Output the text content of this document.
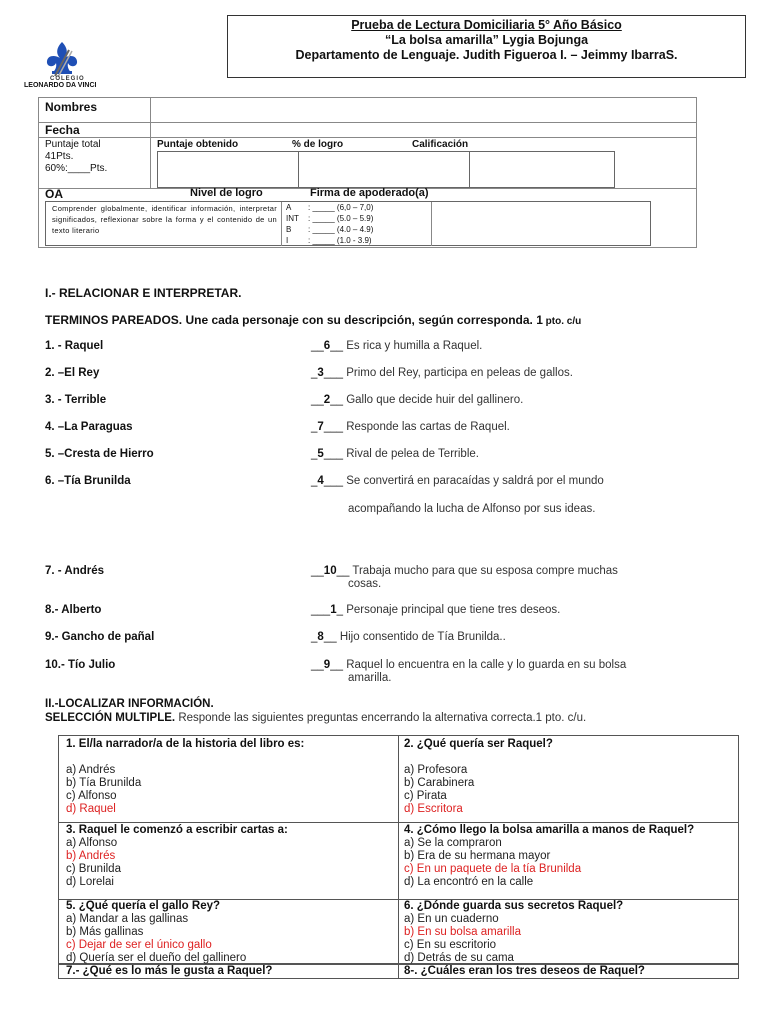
COLEGIO
LEONARDO DA VINCI
Prueba de Lectura Domiciliaria 5° Año Básico
“La bolsa amarilla” Lygia Bojunga
Departamento de Lenguaje. Judith Figueroa I. – Jeimmy IbarraS.
Nombres
Fecha
Puntaje total
41Pts.
60%:____Pts.
Puntaje obtenido	% de logro	Calificación
OA	Nivel de logro	Firma de apoderado(a)
Comprender globalmente, identificar información, interpretar significados, reflexionar sobre la forma y el contenido de un texto literario
A : _____ (6,0 – 7,0)
INT : _____ (5.0 – 5.9)
B : _____ (4.0 – 4.9)
I : _____ (1.0 - 3.9)
I.- RELACIONAR E INTERPRETAR.
TERMINOS PAREADOS. Une cada personaje con su descripción, según corresponda. 1 pto. c/u
1. - Raquel	__6__ Es rica y humilla a Raquel.
2. –El Rey	_3___ Primo del Rey, participa en peleas de gallos.
3. - Terrible	__2__ Gallo que decide huir del gallinero.
4. –La Paraguas	_7___ Responde las cartas de Raquel.
5. –Cresta de Hierro	_5___ Rival de pelea de Terrible.
6. –Tía Brunilda	_4___ Se convertirá en paracaídas y saldrá por el mundo
acompañando la lucha de Alfonso por sus ideas.
7. - Andrés	__10__ Trabaja mucho para que su esposa compre muchas
cosas.
8.- Alberto	___1_ Personaje principal que tiene tres deseos.
9.- Gancho de pañal	_8__ Hijo consentido de Tía Brunilda..
10.- Tío Julio	__9__ Raquel lo encuentra en la calle y lo guarda en su bolsa
amarilla.
II.-LOCALIZAR INFORMACIÓN.
SELECCIÓN MULTIPLE. Responde las siguientes preguntas encerrando la alternativa correcta.1 pto. c/u.
1. El/la narrador/a de la historia del libro es:
a) Andrés
b) Tía Brunilda
c) Alfonso
d) Raquel
2. ¿Qué quería ser Raquel?
a) Profesora
b) Carabinera
c) Pirata
d) Escritora
3. Raquel le comenzó a escribir cartas a:
a) Alfonso
b) Andrés
c) Brunilda
d) Lorelai
4. ¿Cómo llego la bolsa amarilla a manos de Raquel?
a) Se la compraron
b) Era de su hermana mayor
c) En un paquete de la tía Brunilda
d) La encontró en la calle
5. ¿Qué quería el gallo Rey?
a) Mandar a las gallinas
b) Más gallinas
c) Dejar de ser el único gallo
d) Quería ser el dueño del gallinero
6. ¿Dónde guarda sus secretos Raquel?
a) En un cuaderno
b) En su bolsa amarilla
c) En su escritorio
d) Detrás de su cama
7.- ¿Qué es lo más le gusta a Raquel?	8-. ¿Cuáles eran los tres deseos de Raquel?
